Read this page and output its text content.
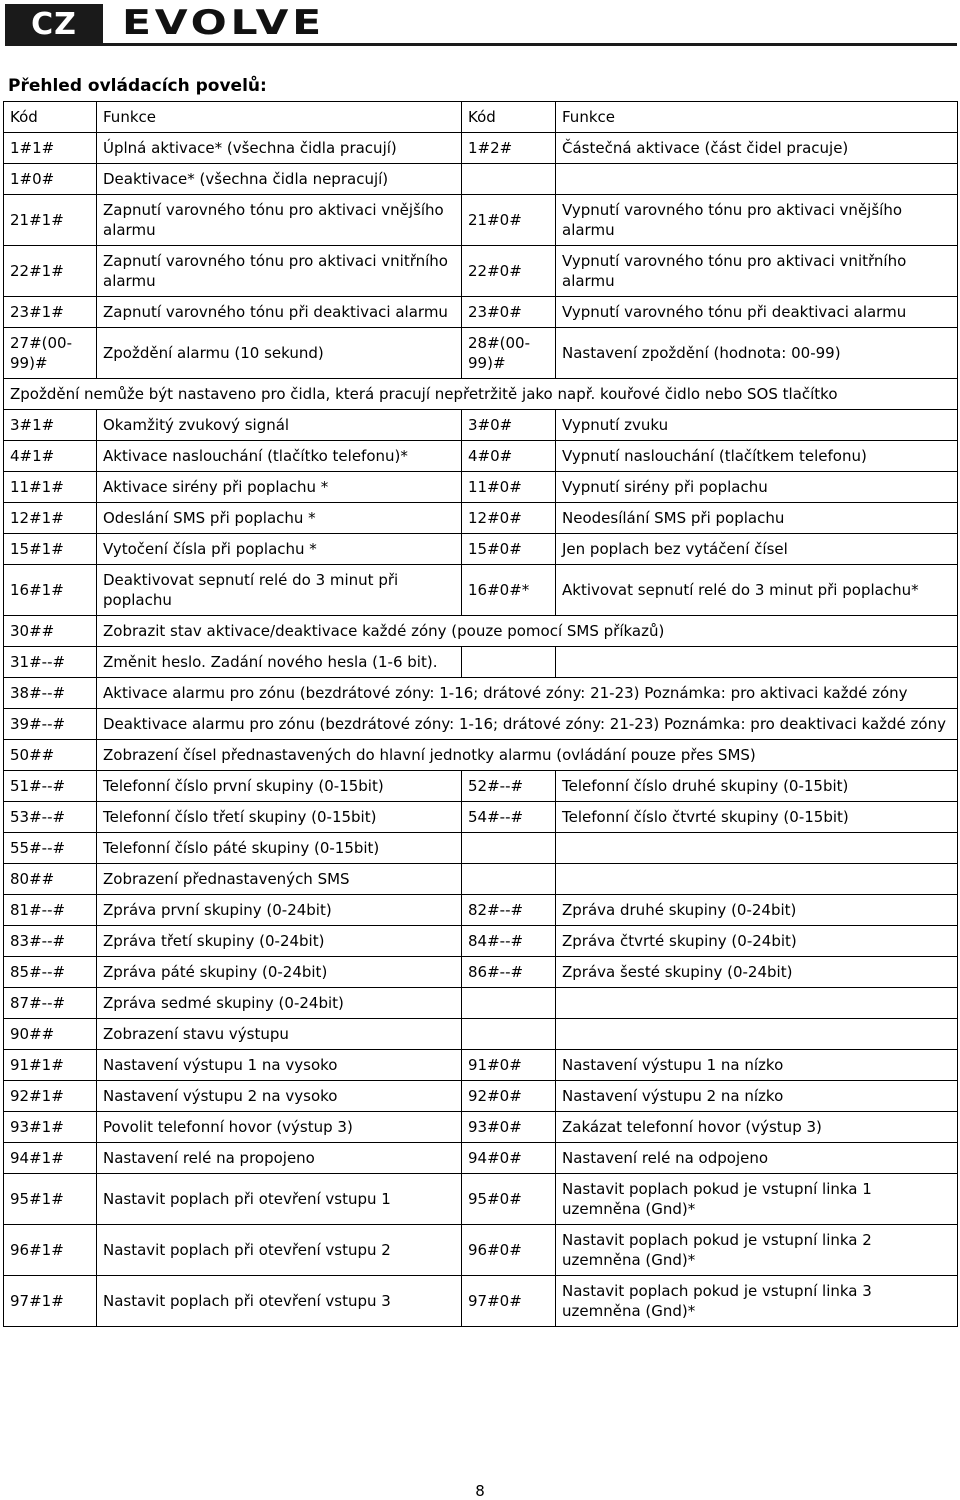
CZ	EVOLVE
Přehled ovládacích povelů:
Kód	Funkce	Kód	Funkce
1#1#	Úplná aktivace* (všechna čidla pracují)	1#2#	Částečná aktivace (část čidel pracuje)
1#0#	Deaktivace* (všechna čidla nepracují)		
21#1#	Zapnutí varovného tónu pro aktivaci vnějšího alarmu	21#0#	Vypnutí varovného tónu pro aktivaci vnějšího alarmu
22#1#	Zapnutí varovného tónu pro aktivaci vnitřního alarmu	22#0#	Vypnutí varovného tónu pro aktivaci vnitřního alarmu
23#1#	Zapnutí varovného tónu při deaktivaci alarmu	23#0#	Vypnutí varovného tónu při deaktivaci alarmu
27#(00-99)#	Zpoždění alarmu (10 sekund)	28#(00-99)#	Nastavení zpoždění (hodnota: 00-99)
Zpoždění nemůže být nastaveno pro čidla, která pracují nepřetržitě jako např. kouřové čidlo nebo SOS tlačítko			
3#1#	Okamžitý zvukový signál	3#0#	Vypnutí zvuku
4#1#	Aktivace naslouchání (tlačítko telefonu)*	4#0#	Vypnutí naslouchání (tlačítkem telefonu)
11#1#	Aktivace sirény při poplachu *	11#0#	Vypnutí sirény při poplachu
12#1#	Odeslání SMS při poplachu *	12#0#	Neodesílání SMS při poplachu
15#1#	Vytočení čísla při poplachu *	15#0#	Jen poplach bez vytáčení čísel
16#1#	Deaktivovat sepnutí relé do 3 minut při poplachu	16#0#*	Aktivovat sepnutí relé do 3 minut při poplachu*
30##	Zobrazit stav aktivace/deaktivace každé zóny (pouze pomocí SMS příkazů)		
31#--#	Změnit heslo. Zadání nového hesla (1-6 bit).		
38#--#	Aktivace alarmu pro zónu (bezdrátové zóny: 1-16; drátové zóny: 21-23) Poznámka: pro aktivaci každé zóny		
39#--#	Deaktivace alarmu pro zónu (bezdrátové zóny: 1-16; drátové zóny: 21-23) Poznámka: pro deaktivaci každé zóny		
50##	Zobrazení čísel přednastavených do hlavní jednotky alarmu (ovládání pouze přes SMS)		
51#--#	Telefonní číslo první skupiny (0-15bit)	52#--#	Telefonní číslo druhé skupiny (0-15bit)
53#--#	Telefonní číslo třetí skupiny (0-15bit)	54#--#	Telefonní číslo čtvrté skupiny (0-15bit)
55#--#	Telefonní číslo páté skupiny (0-15bit)		
80##	Zobrazení přednastavených SMS		
81#--#	Zpráva první skupiny (0-24bit)	82#--#	Zpráva druhé skupiny (0-24bit)
83#--#	Zpráva třetí skupiny (0-24bit)	84#--#	Zpráva čtvrté skupiny (0-24bit)
85#--#	Zpráva páté skupiny (0-24bit)	86#--#	Zpráva šesté skupiny (0-24bit)
87#--#	Zpráva sedmé skupiny (0-24bit)		
90##	Zobrazení stavu výstupu		
91#1#	Nastavení výstupu 1 na vysoko	91#0#	Nastavení výstupu 1 na nízko
92#1#	Nastavení výstupu 2 na vysoko	92#0#	Nastavení výstupu 2 na nízko
93#1#	Povolit telefonní hovor (výstup 3)	93#0#	Zakázat telefonní hovor (výstup 3)
94#1#	Nastavení relé na propojeno	94#0#	Nastavení relé na odpojeno
95#1#	Nastavit poplach při otevření vstupu 1	95#0#	Nastavit poplach pokud je vstupní linka 1 uzemněna (Gnd)*
96#1#	Nastavit poplach při otevření vstupu 2	96#0#	Nastavit poplach pokud je vstupní linka 2 uzemněna (Gnd)*
97#1#	Nastavit poplach při otevření vstupu 3	97#0#	Nastavit poplach pokud je vstupní linka 3 uzemněna (Gnd)*
8
